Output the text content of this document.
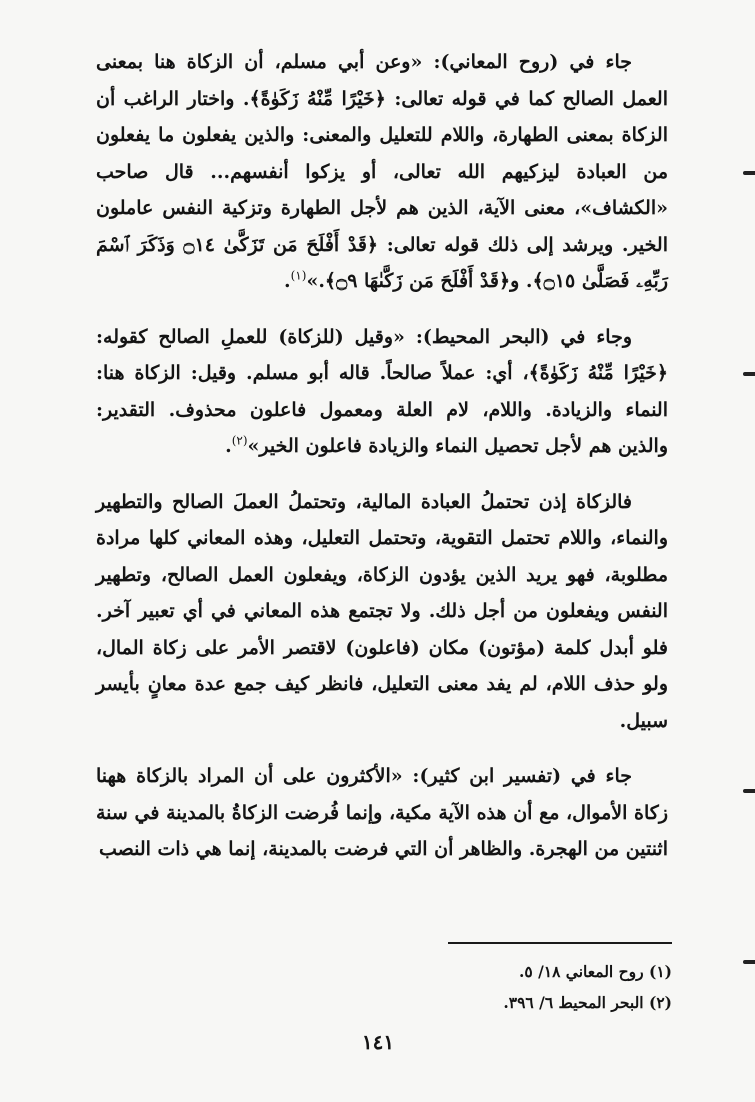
جاء في (روح المعاني): «وعن أبي مسلم، أن الزكاة هنا بمعنى العمل الصالح كما في قوله تعالى: ﴿خَيْرًا مِّنْهُ زَكَوٰةً﴾. واختار الراغب أن الزكاة بمعنى الطهارة، واللام للتعليل والمعنى: والذين يفعلون ما يفعلون من العبادة ليزكيهم الله تعالى، أو يزكوا أنفسهم... قال صاحب «الكشاف»، معنى الآية، الذين هم لأجل الطهارة وتزكية النفس عاملون الخير. ويرشد إلى ذلك قوله تعالى: ﴿قَدْ أَفْلَحَ مَن تَزَكَّىٰ ۝١٤ وَذَكَرَ ٱسْمَ رَبِّهِۦ فَصَلَّىٰ ۝١٥﴾. و﴿قَدْ أَفْلَحَ مَن زَكَّىٰهَا ۝٩﴾.»$^{(١)}$.

وجاء في (البحر المحيط): «وقيل (للزكاة) للعملِ الصالح كقوله: ﴿خَيْرًا مِّنْهُ زَكَوٰةً﴾، أي: عملاً صالحاً. قاله أبو مسلم. وقيل: الزكاة هنا: النماء والزيادة. واللام، لام العلة ومعمول فاعلون محذوف. التقدير: والذين هم لأجل تحصيل النماء والزيادة فاعلون الخير»$^{(٢)}$.

فالزكاة إذن تحتملُ العبادة المالية، وتحتملُ العملَ الصالح والتطهير والنماء، واللام تحتمل التقوية، وتحتمل التعليل، وهذه المعاني كلها مرادة مطلوبة، فهو يريد الذين يؤدون الزكاة، ويفعلون العمل الصالح، وتطهير النفس ويفعلون من أجل ذلك. ولا تجتمع هذه المعاني في أي تعبير آخر. فلو أبدل كلمة (مؤتون) مكان (فاعلون) لاقتصر الأمر على زكاة المال، ولو حذف اللام، لم يفد معنى التعليل، فانظر كيف جمع عدة معانٍ بأيسر سبيل.

جاء في (تفسير ابن كثير): «الأكثرون على أن المراد بالزكاة ههنا زكاة الأموال، مع أن هذه الآية مكية، وإنما فُرضت الزكاةُ بالمدينة في سنة اثنتين من الهجرة. والظاهر أن التي فرضت بالمدينة، إنما هي ذات النصب

(١) روح المعاني ١٨/ ٥.

(٢) البحر المحيط ٦/ ٣٩٦.

١٤١
